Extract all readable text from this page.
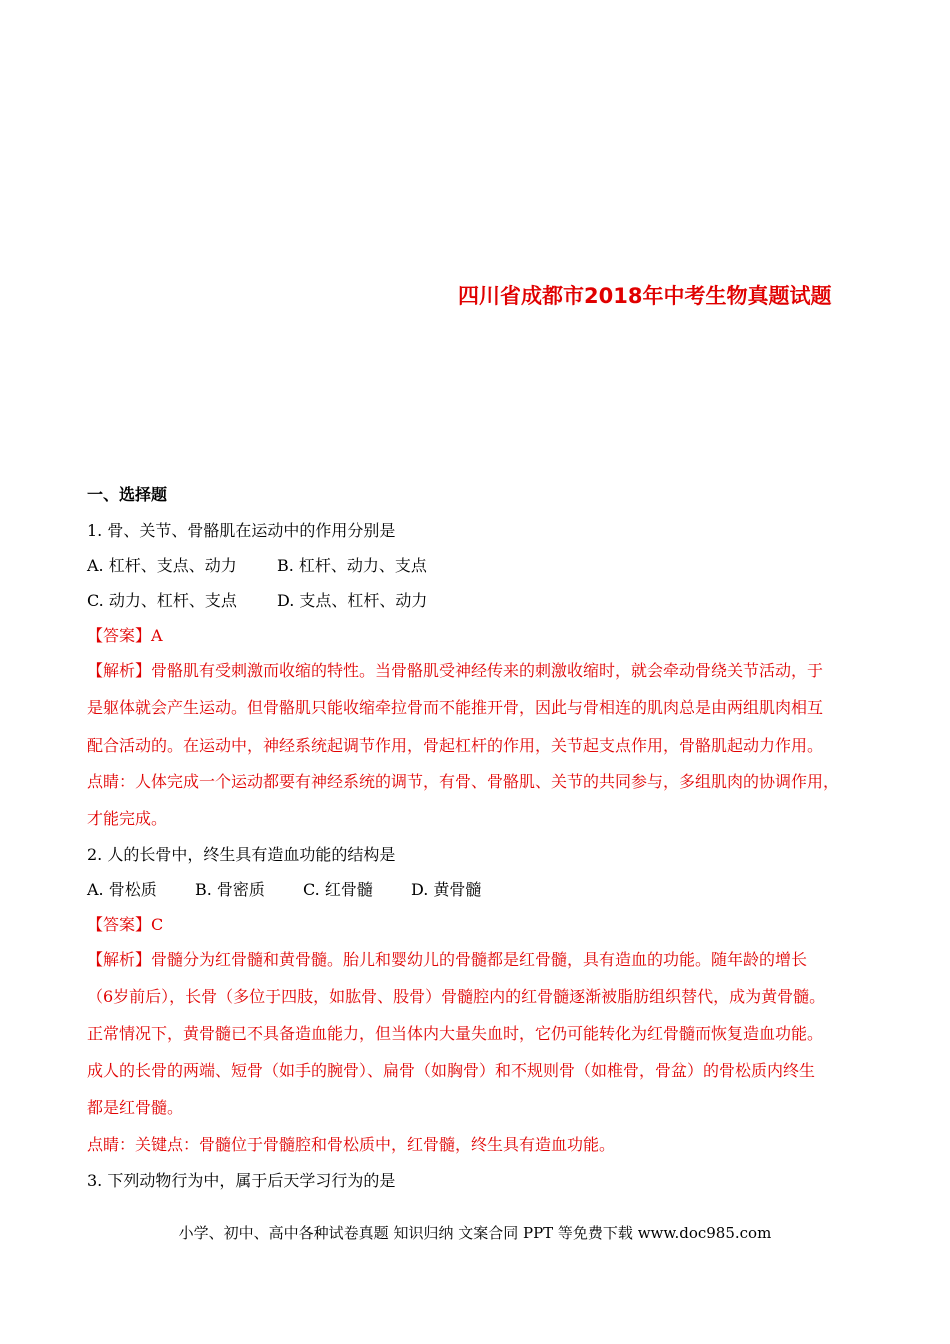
四川省成都市2018年中考生物真题试题
一、选择题
1. 骨、关节、骨骼肌在运动中的作用分别是
A. 杠杆、支点、动力	B. 杠杆、动力、支点
C. 动力、杠杆、支点	D. 支点、杠杆、动力
【答案】A
【解析】骨骼肌有受刺激而收缩的特性。当骨骼肌受神经传来的刺激收缩时，就会牵动骨绕关节活动，于
是躯体就会产生运动。但骨骼肌只能收缩牵拉骨而不能推开骨，因此与骨相连的肌肉总是由两组肌肉相互
配合活动的。在运动中，神经系统起调节作用，骨起杠杆的作用，关节起支点作用，骨骼肌起动力作用。
点睛：人体完成一个运动都要有神经系统的调节，有骨、骨骼肌、关节的共同参与，多组肌肉的协调作用，
才能完成。
2. 人的长骨中，终生具有造血功能的结构是
A. 骨松质 B. 骨密质 C. 红骨髓 D. 黄骨髓
【答案】C
【解析】骨髓分为红骨髓和黄骨髓。胎儿和婴幼儿的骨髓都是红骨髓，具有造血的功能。随年龄的增长
（6岁前后），长骨（多位于四肢，如肱骨、股骨）骨髓腔内的红骨髓逐渐被脂肪组织替代，成为黄骨髓。
正常情况下，黄骨髓已不具备造血能力，但当体内大量失血时，它仍可能转化为红骨髓而恢复造血功能。
成人的长骨的两端、短骨（如手的腕骨）、扁骨（如胸骨）和不规则骨（如椎骨，骨盆）的骨松质内终生
都是红骨髓。
点睛：关键点：骨髓位于骨髓腔和骨松质中，红骨髓，终生具有造血功能。
3. 下列动物行为中，属于后天学习行为的是
小学、初中、高中各种试卷真题 知识归纳 文案合同 PPT 等免费下载 www.doc985.com
